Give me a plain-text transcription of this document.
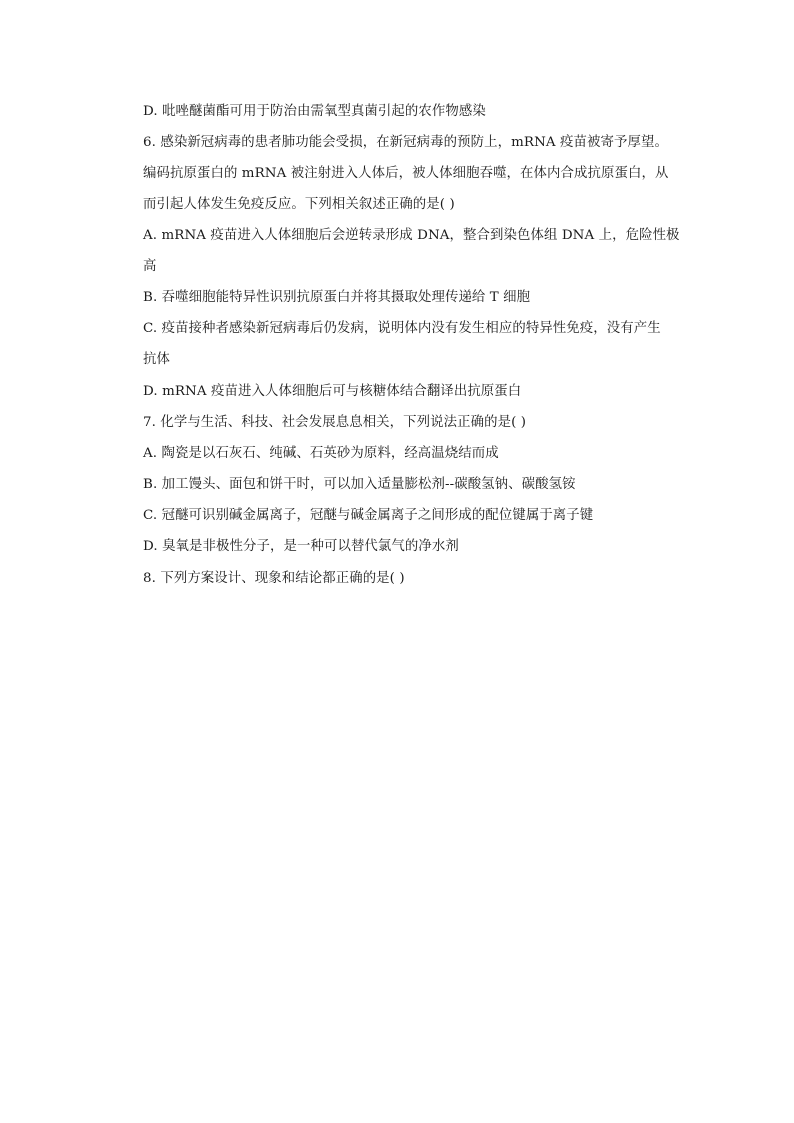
D. 吡唑醚菌酯可用于防治由需氧型真菌引起的农作物感染
6. 感染新冠病毒的患者肺功能会受损，在新冠病毒的预防上，mRNA 疫苗被寄予厚望。
编码抗原蛋白的 mRNA 被注射进入人体后，被人体细胞吞噬，在体内合成抗原蛋白，从
而引起人体发生免疫反应。下列相关叙述正确的是( )
A. mRNA 疫苗进入人体细胞后会逆转录形成 DNA，整合到染色体组 DNA 上，危险性极
高
B. 吞噬细胞能特异性识别抗原蛋白并将其摄取处理传递给 T 细胞
C. 疫苗接种者感染新冠病毒后仍发病，说明体内没有发生相应的特异性免疫，没有产生
抗体
D. mRNA 疫苗进入人体细胞后可与核糖体结合翻译出抗原蛋白
7. 化学与生活、科技、社会发展息息相关，下列说法正确的是( )
A. 陶瓷是以石灰石、纯碱、石英砂为原料，经高温烧结而成
B. 加工馒头、面包和饼干时，可以加入适量膨松剂--碳酸氢钠、碳酸氢铵
C. 冠醚可识别碱金属离子，冠醚与碱金属离子之间形成的配位键属于离子键
D. 臭氧是非极性分子，是一种可以替代氯气的净水剂
8. 下列方案设计、现象和结论都正确的是( )
